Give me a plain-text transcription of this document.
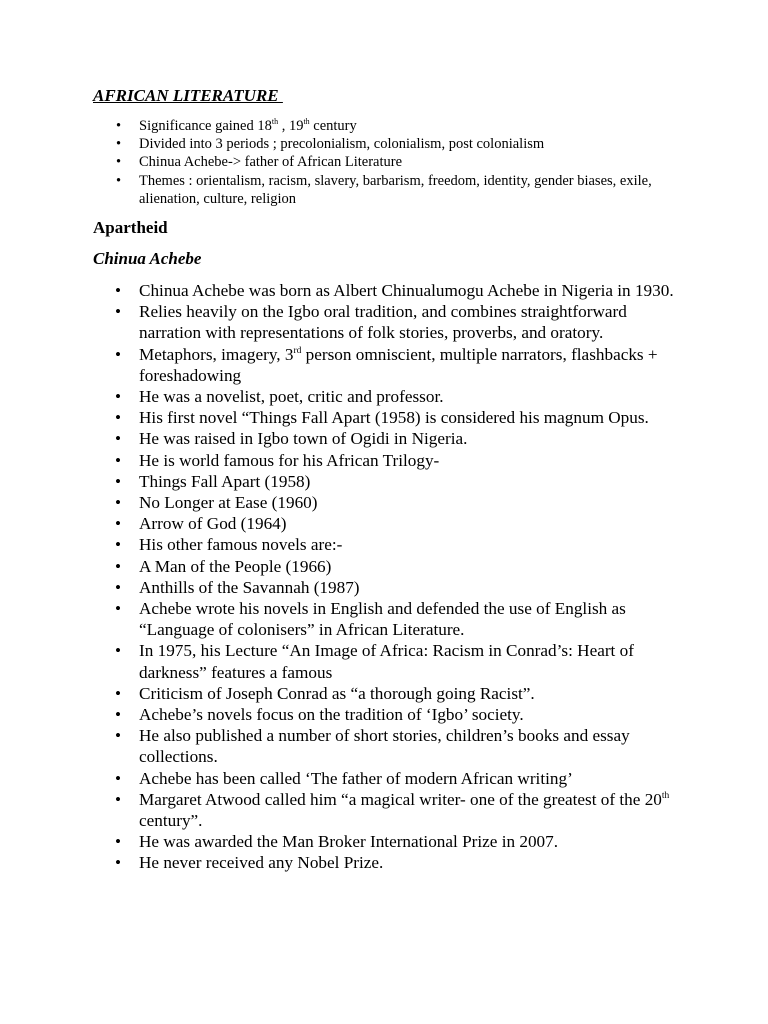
AFRICAN LITERATURE
• Significance gained 18th , 19th century
• Divided into 3 periods ; precolonialism, colonialism, post colonialism
• Chinua Achebe-> father of African Literature
• Themes : orientalism, racism, slavery, barbarism, freedom, identity, gender biases, exile, alienation, culture, religion
Apartheid
Chinua Achebe
• Chinua Achebe was born as Albert Chinualumogu Achebe in Nigeria in 1930.
• Relies heavily on the Igbo oral tradition, and combines straightforward narration with representations of folk stories, proverbs, and oratory.
• Metaphors, imagery, 3rd person omniscient, multiple narrators, flashbacks + foreshadowing
• He was a novelist, poet, critic and professor.
• His first novel “Things Fall Apart (1958) is considered his magnum Opus.
• He was raised in Igbo town of Ogidi in Nigeria.
• He is world famous for his African Trilogy-
• Things Fall Apart (1958)
• No Longer at Ease (1960)
• Arrow of God (1964)
• His other famous novels are:-
• A Man of the People (1966)
• Anthills of the Savannah (1987)
• Achebe wrote his novels in English and defended the use of English as “Language of colonisers” in African Literature.
• In 1975, his Lecture “An Image of Africa: Racism in Conrad’s: Heart of darkness” features a famous
• Criticism of Joseph Conrad as “a thorough going Racist”.
• Achebe’s novels focus on the tradition of ‘Igbo’ society.
• He also published a number of short stories, children’s books and essay collections.
• Achebe has been called ‘The father of modern African writing’
• Margaret Atwood called him “a magical writer- one of the greatest of the 20th century”.
• He was awarded the Man Broker International Prize in 2007.
• He never received any Nobel Prize.
